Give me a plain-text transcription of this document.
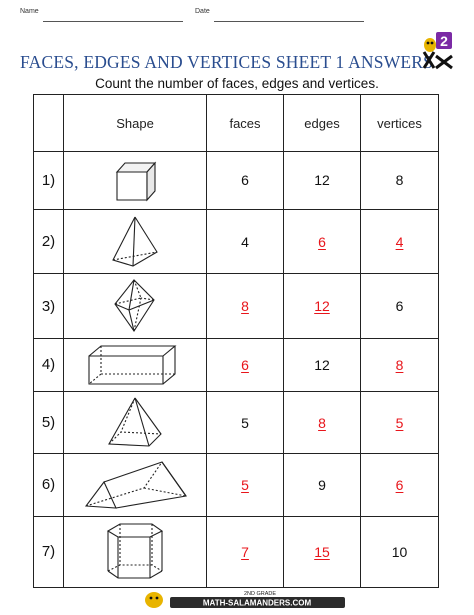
Name	Date
FACES, EDGES AND VERTICES SHEET 1 ANSWERS
2
Count the number of faces, edges and vertices.
	Shape	faces	edges	vertices
1)		6	12	8
2)		4	6	4
3)		8	12	6
4)		6	12	8
5)		5	8	5
6)		5	9	6
7)		7	15	10
2ND GRADE
MATH-SALAMANDERS.COM
